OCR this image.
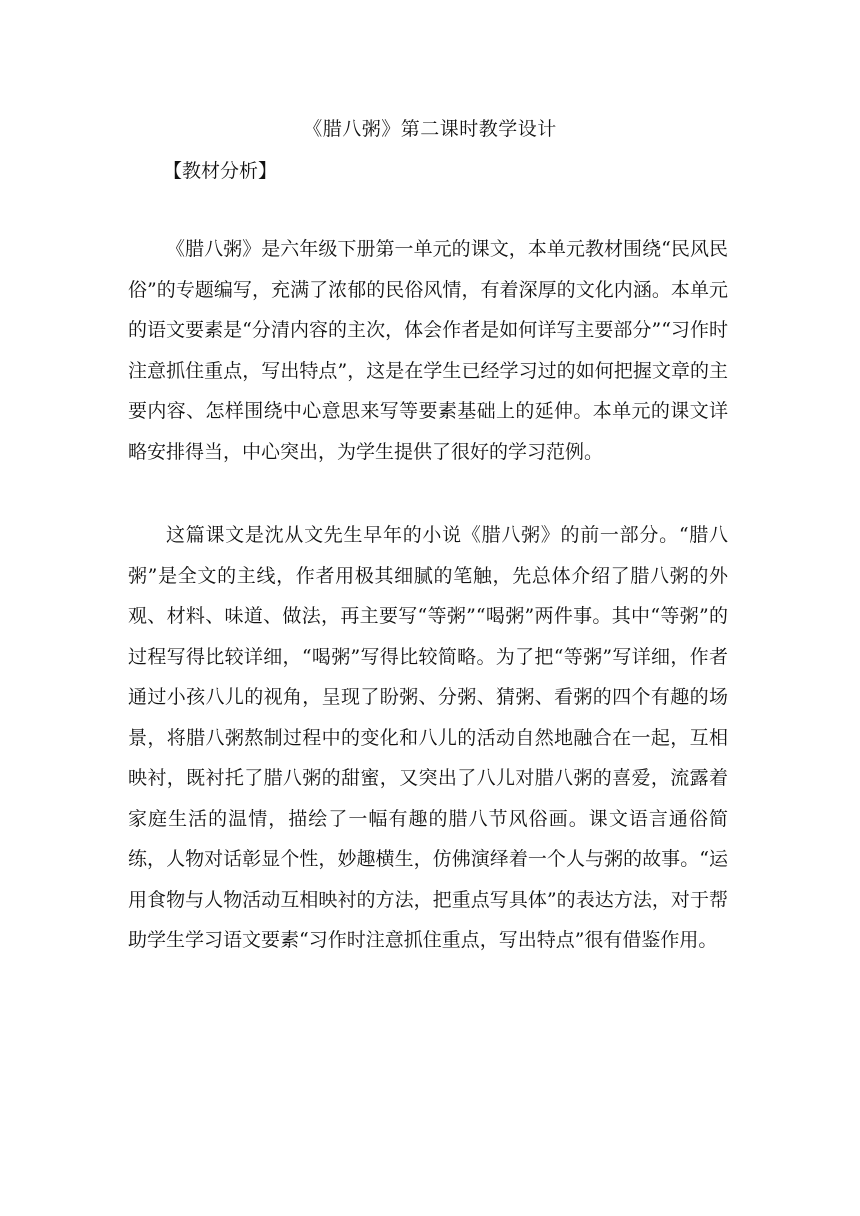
《腊八粥》第二课时教学设计
【教材分析】

《腊八粥》是六年级下册第一单元的课文，本单元教材围绕“民风民俗”的专题编写，充满了浓郁的民俗风情，有着深厚的文化内涵。本单元的语文要素是“分清内容的主次，体会作者是如何详写主要部分”“习作时注意抓住重点，写出特点”，这是在学生已经学习过的如何把握文章的主要内容、怎样围绕中心意思来写等要素基础上的延伸。本单元的课文详略安排得当，中心突出，为学生提供了很好的学习范例。

这篇课文是沈从文先生早年的小说《腊八粥》的前一部分。“腊八粥”是全文的主线，作者用极其细腻的笔触，先总体介绍了腊八粥的外观、材料、味道、做法，再主要写“等粥”“喝粥”两件事。其中“等粥”的过程写得比较详细，“喝粥”写得比较简略。为了把“等粥”写详细，作者通过小孩八儿的视角，呈现了盼粥、分粥、猜粥、看粥的四个有趣的场景，将腊八粥熬制过程中的变化和八儿的活动自然地融合在一起，互相映衬，既衬托了腊八粥的甜蜜，又突出了八儿对腊八粥的喜爱，流露着家庭生活的温情，描绘了一幅有趣的腊八节风俗画。课文语言通俗简练，人物对话彰显个性，妙趣横生，仿佛演绎着一个人与粥的故事。“运用食物与人物活动互相映衬的方法，把重点写具体”的表达方法，对于帮助学生学习语文要素“习作时注意抓住重点，写出特点”很有借鉴作用。
